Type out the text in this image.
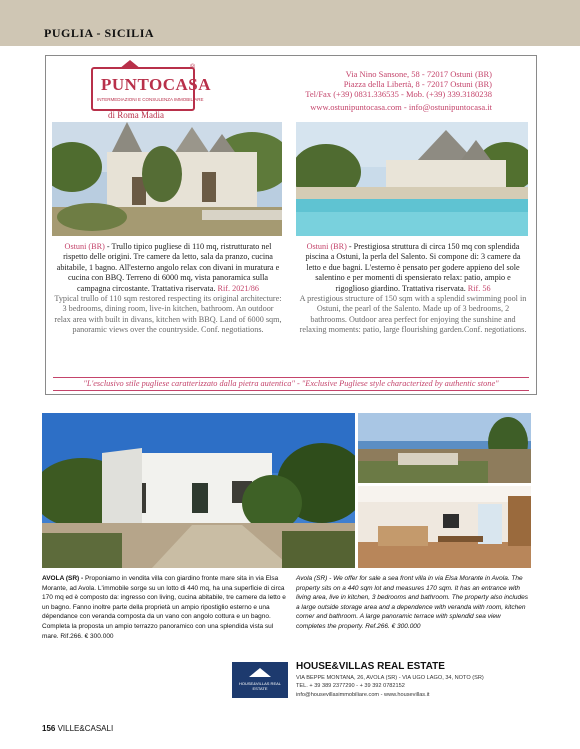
PUGLIA - SICILIA
PUNTOCASA
INTERMEDIAZIONI E CONSULENZA IMMOBILIARE
®
di Roma Madia
Via Nino Sansone, 58 - 72017 Ostuni (BR)
Piazza della Libertà, 8 - 72017 Ostuni (BR)
Tel/Fax (+39) 0831.336535 - Mob. (+39) 339.3180238
www.ostunipuntocasa.com - info@ostunipuntocasa.it
Ostuni (BR) - Trullo tipico pugliese di 110 mq, ristrutturato nel rispetto delle origini. Tre camere da letto, sala da pranzo, cucina abitabile, 1 bagno. All'esterno angolo relax con divani in muratura e cucina con BBQ. Terreno di 6000 mq, vista panoramica sulla campagna circostante. Trattativa riservata. Rif. 2021/86
Typical trullo of 110 sqm restored respecting its original architecture: 3 bedrooms, dining room, live-in kitchen, bathroom. An outdoor relax area with built in divans, kitchen with BBQ. Land of 6000 sqm, panoramic views over the countryside. Conf. negotiations.
Ostuni (BR) - Prestigiosa struttura di circa 150 mq con splendida piscina a Ostuni, la perla del Salento. Si compone di: 3 camere da letto e due bagni. L'esterno è pensato per godere appieno del sole salentino e per momenti di spensierato relax: patio, ampio e rigoglioso giardino. Trattativa riservata. Rif. 56
A prestigious structure of 150 sqm with a splendid swimming pool in Ostuni, the pearl of the Salento. Made up of 3 bedrooms, 2 bathrooms. Outdoor area perfect for enjoying the sunshine and relaxing moments: patio, large flourishing garden.Conf. negotiations.
"L'esclusivo stile pugliese caratterizzato dalla pietra autentica" - "Exclusive Pugliese style characterized by authentic stone"
AVOLA (SR) - Proponiamo in vendita villa con giardino fronte mare sita in via Elsa Morante, ad Avola. L'immobile sorge su un lotto di 440 mq, ha una superficie di circa 170 mq ed è composto da: ingresso con living, cucina abitabile, tre camere da letto e un bagno. Fanno inoltre parte della proprietà un ampio ripostiglio esterno e una dépendance con veranda composta da un vano con angolo cottura e un bagno. Completa la proposta un ampio terrazzo panoramico con una splendida vista sul mare. Rif.266. € 300.000
Avola (SR) - We offer for sale a sea front villa in via Elsa Morante in Avola. The property sits on a 440 sqm lot and measures 170 sqm. It has an entrance with living area, live in kitchen, 3 bedrooms and bathroom. The property also includes a large outside storage area and a dependence with veranda with room, kitchen corner and bathroom. A large panoramic terrace with splendid sea view completes the property. Ref.266. € 300.000
HOUSE&VILLAS REAL ESTATE
HOUSE&VILLAS REAL ESTATE
VIA BEPPE MONTANA, 26, AVOLA (SR) - VIA UGO LAGO, 34, NOTO (SR)
TEL. + 39 389 2377290 - + 39 392 0782152
info@housevillasimmobiliare.com - www.housevillas.it
156 VILLE&CASALI
